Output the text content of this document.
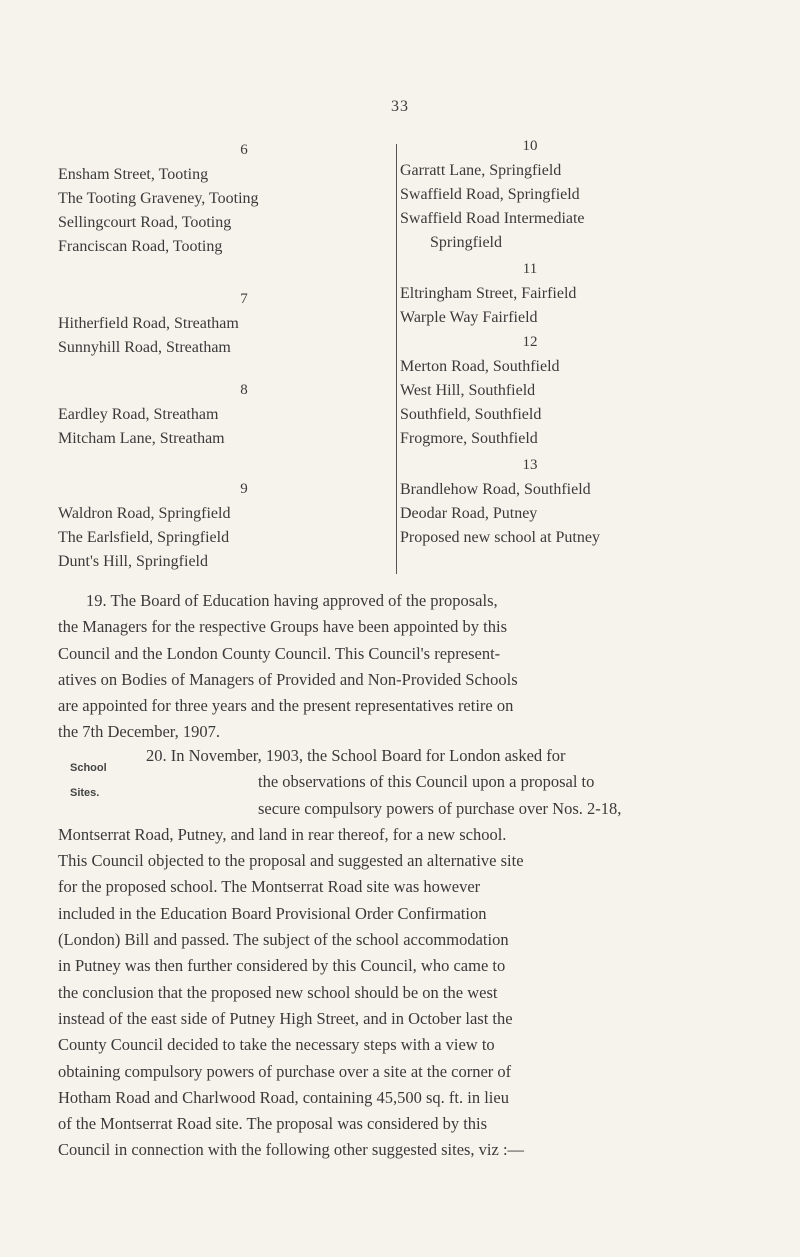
33
6
Ensham Street, Tooting
The Tooting Graveney, Tooting
Sellingcourt Road, Tooting
Franciscan Road, Tooting
7
Hitherfield Road, Streatham
Sunnyhill Road, Streatham
8
Eardley Road, Streatham
Mitcham Lane, Streatham
9
Waldron Road, Springfield
The Earlsfield, Springfield
Dunt's Hill, Springfield
10
Garratt Lane, Springfield
Swaffield Road, Springfield
Swaffield Road Intermediate
Springfield
11
Eltringham Street, Fairfield
Warple Way Fairfield
12
Merton Road, Southfield
West Hill, Southfield
Southfield, Southfield
Frogmore, Southfield
13
Brandlehow Road, Southfield
Deodar Road, Putney
Proposed new school at Putney
19. The Board of Education having approved of the proposals,
the Managers for the respective Groups have been appointed by this
Council and the London County Council. This Council's represent-
atives on Bodies of Managers of Provided and Non-Provided Schools
are appointed for three years and the present representatives retire on
the 7th December, 1907.
School
Sites.
20. In November, 1903, the School Board for London asked for
the observations of this Council upon a proposal to
secure compulsory powers of purchase over Nos. 2-18,
Montserrat Road, Putney, and land in rear thereof, for a new school.
This Council objected to the proposal and suggested an alternative site
for the proposed school. The Montserrat Road site was however
included in the Education Board Provisional Order Confirmation
(London) Bill and passed. The subject of the school accommodation
in Putney was then further considered by this Council, who came to
the conclusion that the proposed new school should be on the west
instead of the east side of Putney High Street, and in October last the
County Council decided to take the necessary steps with a view to
obtaining compulsory powers of purchase over a site at the corner of
Hotham Road and Charlwood Road, containing 45,500 sq. ft. in lieu
of the Montserrat Road site. The proposal was considered by this
Council in connection with the following other suggested sites, viz :—
